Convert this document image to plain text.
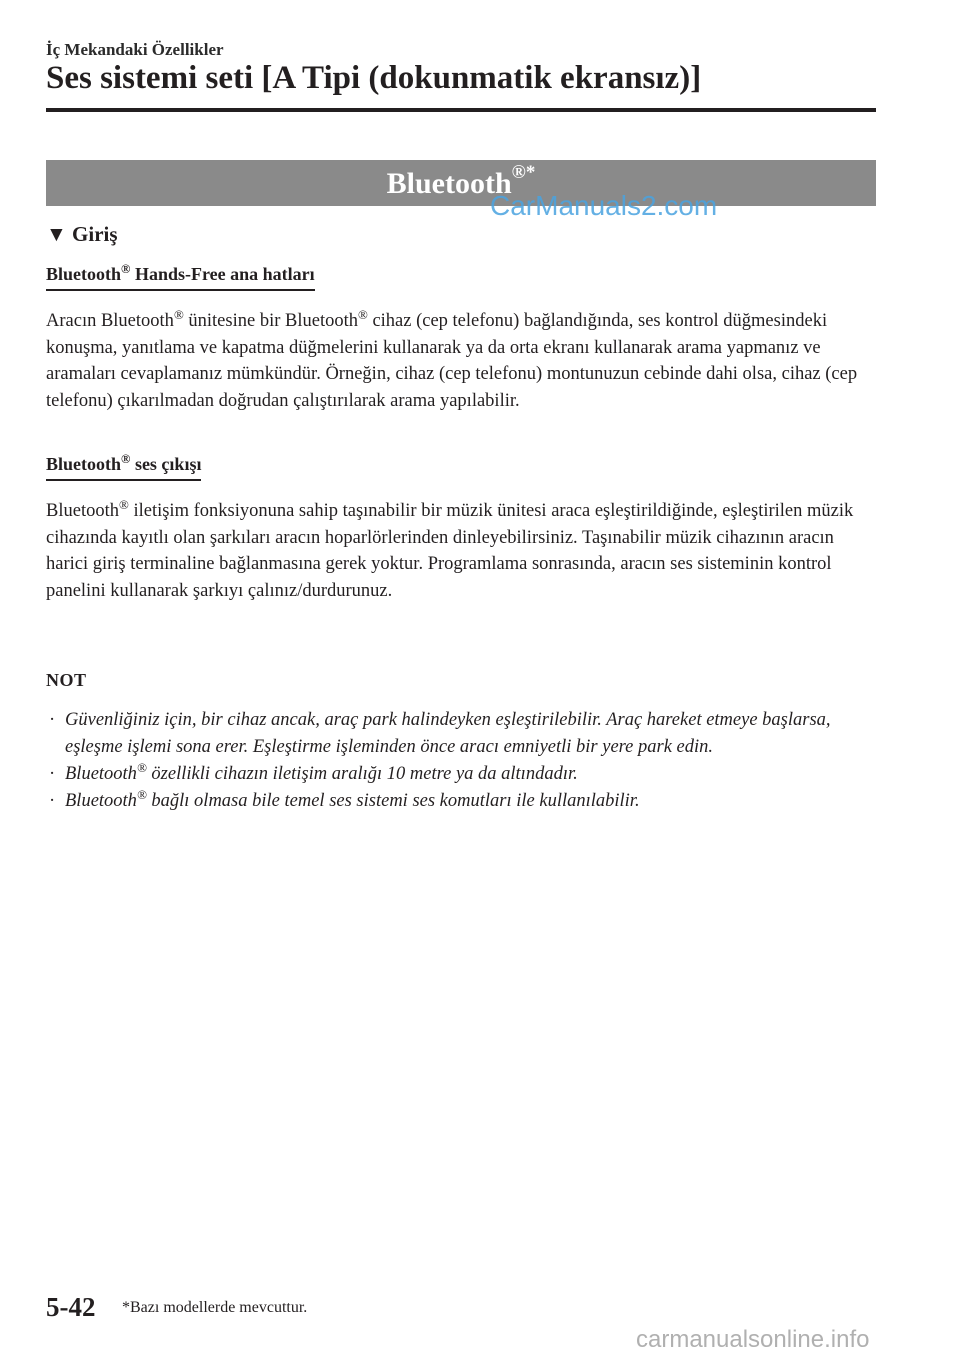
İç Mekandaki Özellikler
Ses sistemi seti [A Tipi (dokunmatik ekransız)]
Bluetooth®*
CarManuals2.com
▼ Giriş
Bluetooth® Hands-Free ana hatları
Aracın Bluetooth® ünitesine bir Bluetooth® cihaz (cep telefonu) bağlandığında, ses kontrol düğmesindeki konuşma, yanıtlama ve kapatma düğmelerini kullanarak ya da orta ekranı kullanarak arama yapmanız ve aramaları cevaplamanız mümkündür. Örneğin, cihaz (cep telefonu) montunuzun cebinde dahi olsa, cihaz (cep telefonu) çıkarılmadan doğrudan çalıştırılarak arama yapılabilir.
Bluetooth® ses çıkışı
Bluetooth® iletişim fonksiyonuna sahip taşınabilir bir müzik ünitesi araca eşleştirildiğinde, eşleştirilen müzik cihazında kayıtlı olan şarkıları aracın hoparlörlerinden dinleyebilirsiniz. Taşınabilir müzik cihazının aracın harici giriş terminaline bağlanmasına gerek yoktur. Programlama sonrasında, aracın ses sisteminin kontrol panelini kullanarak şarkıyı çalınız/durdurunuz.
NOT
· Güvenliğiniz için, bir cihaz ancak, araç park halindeyken eşleştirilebilir. Araç hareket etmeye başlarsa, eşleşme işlemi sona erer. Eşleştirme işleminden önce aracı emniyetli bir yere park edin.
· Bluetooth® özellikli cihazın iletişim aralığı 10 metre ya da altındadır.
· Bluetooth® bağlı olmasa bile temel ses sistemi ses komutları ile kullanılabilir.
5-42 *Bazı modellerde mevcuttur.
carmanualsonline.info
